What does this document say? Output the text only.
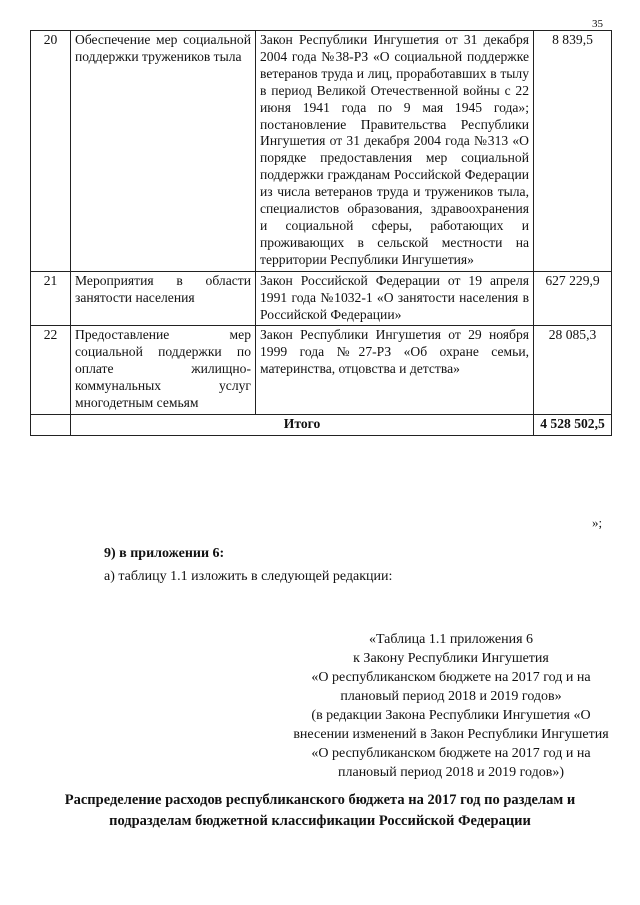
35
20	Обеспечение мер социальной поддержки тружеников тыла	Закон Республики Ингушетия от 31 декабря 2004 года №38-РЗ «О социальной поддержке ветеранов труда и лиц, проработавших в тылу в период Великой Отечественной войны с 22 июня 1941 года по 9 мая 1945 года»; постановление Правительства Республики Ингушетия от 31 декабря 2004 года №313 «О порядке предоставления мер социальной поддержки гражданам Российской Федерации из числа ветеранов труда и тружеников тыла, специалистов образования, здравоохранения и социальной сферы, работающих и проживающих в сельской местности на территории Республики Ингушетия»	8 839,5
21	Мероприятия в области занятости населения	Закон Российской Федерации от 19 апреля 1991 года №1032-1 «О занятости населения в Российской Федерации»	627 229,9
22	Предоставление мер социальной поддержки по оплате жилищно-коммунальных услуг многодетным семьям	Закон Республики Ингушетия от 29 ноября 1999 года №27-РЗ «Об охране семьи, материнства, отцовства и детства»	28 085,3
	Итого		4 528 502,5
»;
9) в приложении 6:
а) таблицу 1.1 изложить в следующей редакции:
«Таблица 1.1 приложения 6
к Закону Республики Ингушетия
«О республиканском бюджете на 2017 год и на
плановый период 2018 и 2019 годов»
(в редакции Закона Республики Ингушетия «О
внесении изменений в Закон Республики Ингушетия
«О республиканском бюджете на 2017 год и на
плановый период 2018 и 2019 годов»)
Распределение расходов республиканского бюджета на 2017 год по разделам и подразделам бюджетной классификации Российской Федерации
